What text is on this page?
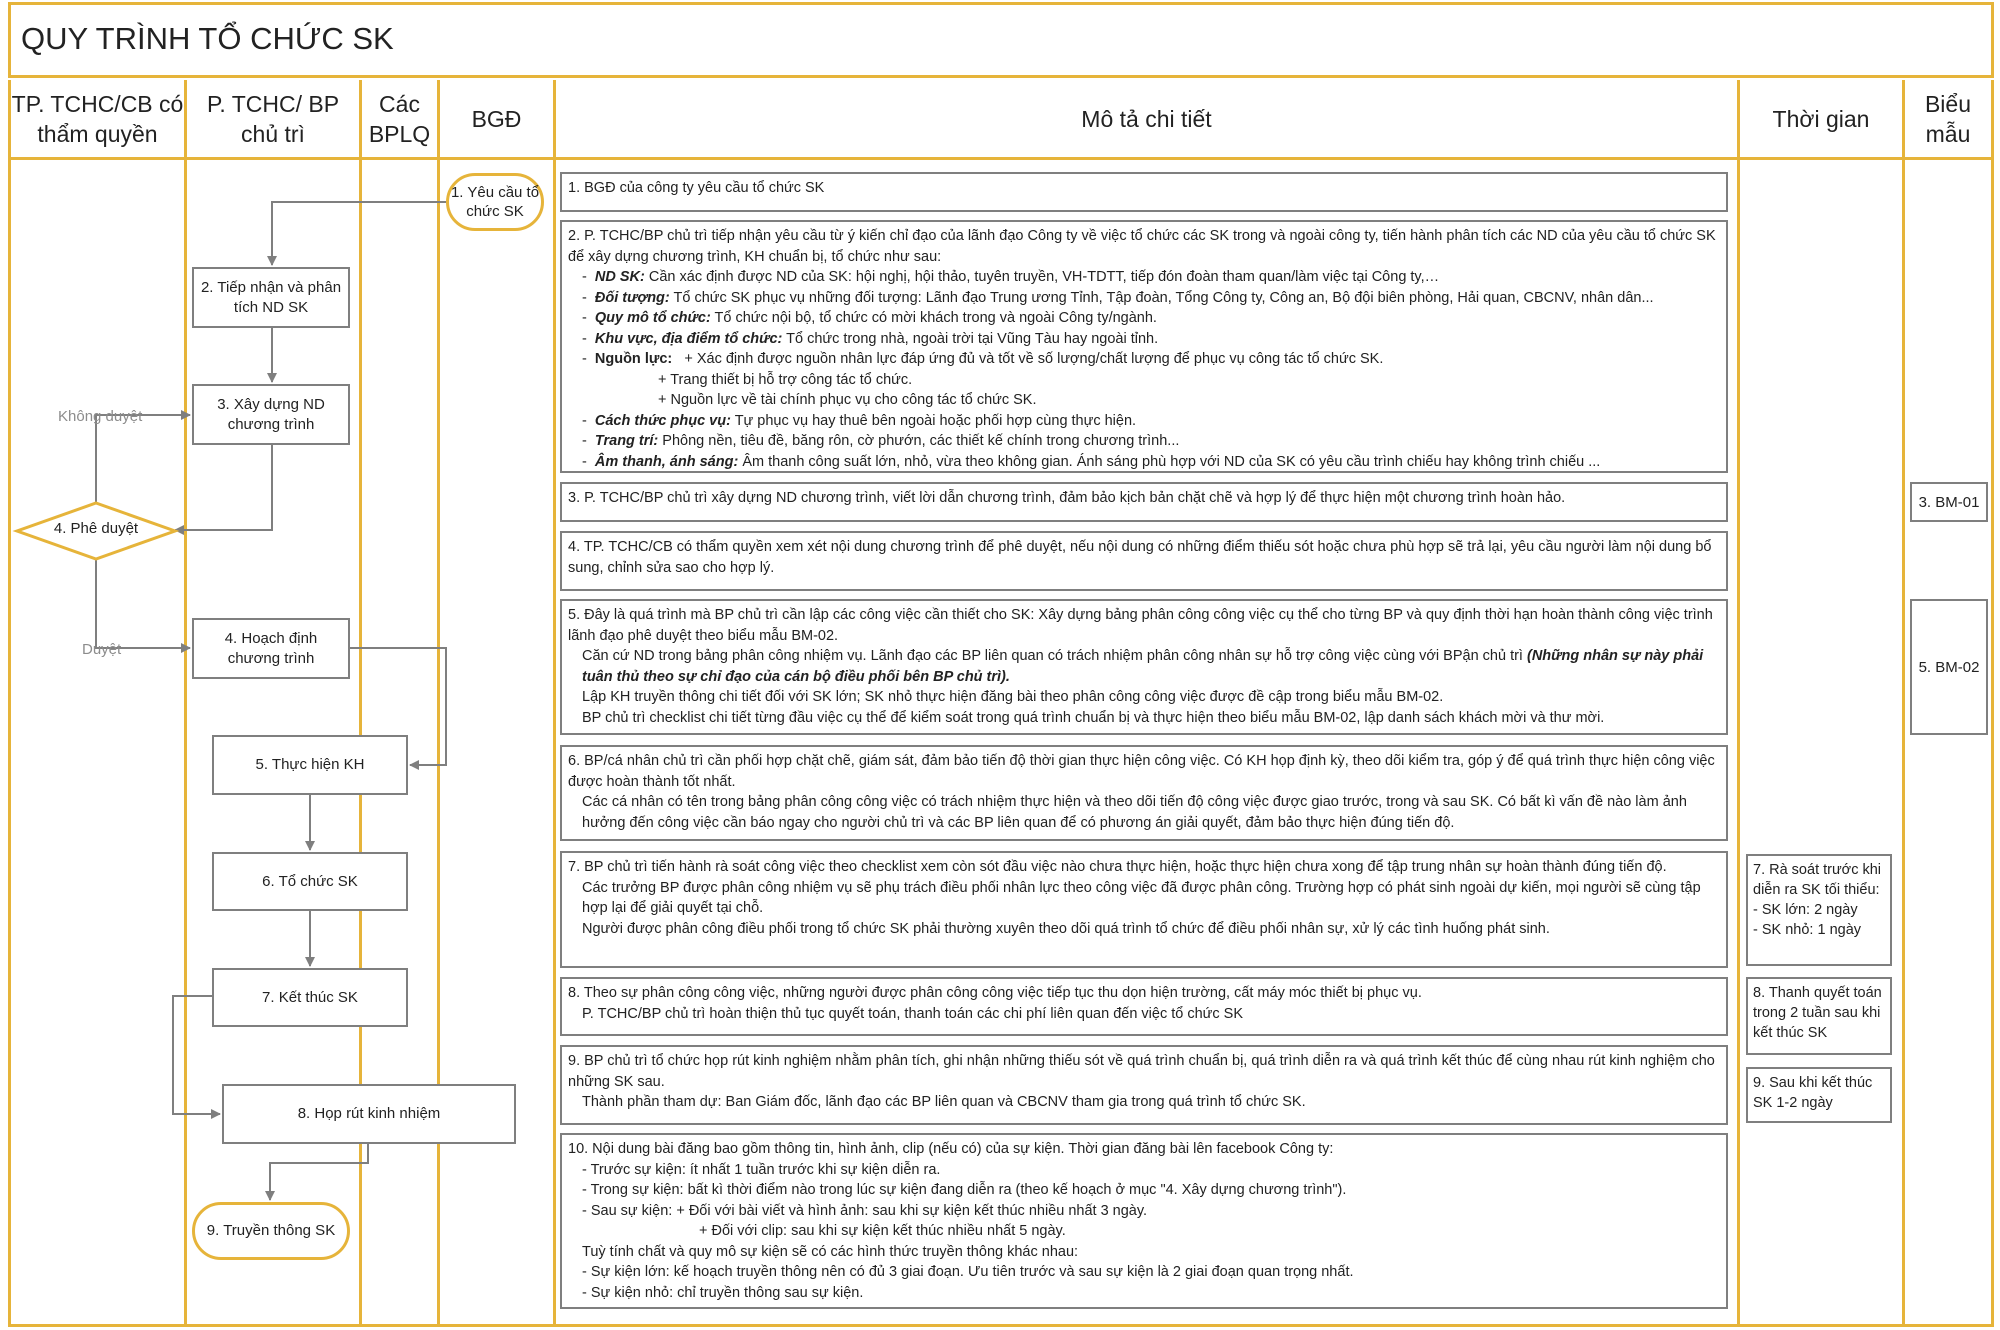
QUY TRÌNH TỔ CHỨC SK
TP. TCHC/CB có thẩm quyền
P. TCHC/ BP chủ trì
Các BPLQ
BGĐ	Mô tả chi tiết	Thời gian
Biểu mẫu
1. Yêu cầu tổ chức SK
2. Tiếp nhận và phân tích ND SK
3. Xây dựng ND chương trình
4. Phê duyệt
4. Hoạch định chương trình
5. Thực hiện KH
6. Tổ chức SK
7. Kết thúc SK
8. Họp rút kinh nhiệm
9. Truyền thông SK
Không duyệt
Duyệt

1. BGĐ của công ty yêu cầu tổ chức SK

2. P. TCHC/BP chủ trì tiếp nhận yêu cầu từ ý kiến chỉ đạo của lãnh đạo Công ty về việc tổ chức các SK trong và ngoài công ty, tiến hành phân tích các ND của yêu cầu tổ chức SK để xây dựng chương trình, KH chuẩn bị, tổ chức như sau:

-  ND SK: Cần xác định được ND của SK: hội nghị, hội thảo, tuyên truyền, VH-TDTT, tiếp đón đoàn tham quan/làm việc tại Công ty,…

-  Đối tượng: Tổ chức SK phục vụ những đối tượng: Lãnh đạo Trung ương Tỉnh, Tập đoàn, Tổng Công ty, Công an, Bộ đội biên phòng, Hải quan, CBCNV, nhân dân...

-  Quy mô tổ chức: Tổ chức nội bộ, tổ chức có mời khách trong và ngoài Công ty/ngành.

-  Khu vực, địa điểm tổ chức: Tổ chức trong nhà, ngoài trời tại Vũng Tàu hay ngoài tỉnh.

-  Nguồn lực: + Xác định được nguồn nhân lực đáp ứng đủ và tốt về số lượng/chất lượng để phục vụ công tác tổ chức SK.

+ Trang thiết bị hỗ trợ công tác tổ chức.

+ Nguồn lực về tài chính phục vụ cho công tác tổ chức SK.

-  Cách thức phục vụ: Tự phục vụ hay thuê bên ngoài hoặc phối hợp cùng thực hiện.

-  Trang trí: Phông nền, tiêu đề, băng rôn, cờ phướn, các thiết kế chính trong chương trình...

-  Âm thanh, ánh sáng: Âm thanh công suất lớn, nhỏ, vừa theo không gian. Ánh sáng phù hợp với ND của SK có yêu cầu trình chiếu hay không trình chiếu ...

3. P. TCHC/BP chủ trì xây dựng ND chương trình, viết lời dẫn chương trình, đảm bảo kịch bản chặt chẽ và hợp lý để thực hiện một chương trình hoàn hảo.

4. TP. TCHC/CB có thẩm quyền xem xét nội dung chương trình để phê duyệt, nếu nội dung có những điểm thiếu sót hoặc chưa phù hợp sẽ trả lại, yêu cầu người làm nội dung bổ sung, chỉnh sửa sao cho hợp lý.

5. Đây là quá trình mà BP chủ trì cần lập các công việc cần thiết cho SK: Xây dựng bảng phân công công việc cụ thể cho từng BP và quy định thời hạn hoàn thành công việc trình lãnh đạo phê duyệt theo biểu mẫu BM-02.

Căn cứ ND trong bảng phân công nhiệm vụ. Lãnh đạo các BP liên quan có trách nhiệm phân công nhân sự hỗ trợ công việc cùng với BPận chủ trì (Những nhân sự này phải tuân thủ theo sự chỉ đạo của cán bộ điều phối bên BP chủ trì).

Lập KH truyền thông chi tiết đối với SK lớn; SK nhỏ thực hiện đăng bài theo phân công công việc được đề cập trong biểu mẫu BM-02.

BP chủ trì checklist chi tiết từng đầu việc cụ thể để kiểm soát trong quá trình chuẩn bị và thực hiện theo biểu mẫu BM-02, lập danh sách khách mời và thư mời.

6. BP/cá nhân chủ trì cần phối hợp chặt chẽ, giám sát, đảm bảo tiến độ thời gian thực hiện công việc. Có KH họp định kỳ, theo dõi kiểm tra, góp ý để quá trình thực hiện công việc được hoàn thành tốt nhất.

Các cá nhân có tên trong bảng phân công công việc có trách nhiệm thực hiện và theo dõi tiến độ công việc được giao trước, trong và sau SK. Có bất kì vấn đề nào làm ảnh hưởng đến công việc cần báo ngay cho người chủ trì và các BP liên quan để có phương án giải quyết, đảm bảo thực hiện đúng tiến độ.

7. BP chủ trì tiến hành rà soát công việc theo checklist xem còn sót đầu việc nào chưa thực hiện, hoặc thực hiện chưa xong để tập trung nhân sự hoàn thành đúng tiến độ.

Các trưởng BP được phân công nhiệm vụ sẽ phụ trách điều phối nhân lực theo công việc đã được phân công. Trường hợp có phát sinh ngoài dự kiến, mọi người sẽ cùng tập hợp lại để giải quyết tại chỗ.

Người được phân công điều phối trong tổ chức SK phải thường xuyên theo dõi quá trình tổ chức để điều phối nhân sự, xử lý các tình huống phát sinh.

8. Theo sự phân công công việc, những người được phân công công việc tiếp tục thu dọn hiện trường, cất máy móc thiết bị phục vụ.

P. TCHC/BP chủ trì hoàn thiện thủ tục quyết toán, thanh toán các chi phí liên quan đến việc tổ chức SK

9. BP chủ trì tổ chức họp rút kinh nghiệm nhằm phân tích, ghi nhận những thiếu sót về quá trình chuẩn bị, quá trình diễn ra và quá trình kết thúc để cùng nhau rút kinh nghiệm cho những SK sau.

Thành phần tham dự: Ban Giám đốc, lãnh đạo các BP liên quan và CBCNV tham gia trong quá trình tổ chức SK.

10. Nội dung bài đăng bao gồm thông tin, hình ảnh, clip (nếu có) của sự kiện. Thời gian đăng bài lên facebook Công ty:

- Trước sự kiện: ít nhất 1 tuần trước khi sự kiện diễn ra.

- Trong sự kiện: bất kì thời điểm nào trong lúc sự kiện đang diễn ra (theo kế hoạch ở mục "4. Xây dựng chương trình").

- Sau sự kiện: + Đối với bài viết và hình ảnh: sau khi sự kiện kết thúc nhiều nhất 3 ngày.

+ Đối với clip: sau khi sự kiện kết thúc nhiều nhất 5 ngày.

Tuỳ tính chất và quy mô sự kiện sẽ có các hình thức truyền thông khác nhau:

- Sự kiện lớn: kế hoạch truyền thông nên có đủ 3 giai đoạn. Ưu tiên trước và sau sự kiện là 2 giai đoạn quan trọng nhất.

- Sự kiện nhỏ: chỉ truyền thông sau sự kiện.

7. Rà soát trước khi diễn ra SK tối thiểu:
- SK lớn: 2 ngày
- SK nhỏ: 1 ngày
8. Thanh quyết toán trong 2 tuần sau khi kết thúc SK
9. Sau khi kết thúc SK 1-2 ngày
3. BM-01
5. BM-02
